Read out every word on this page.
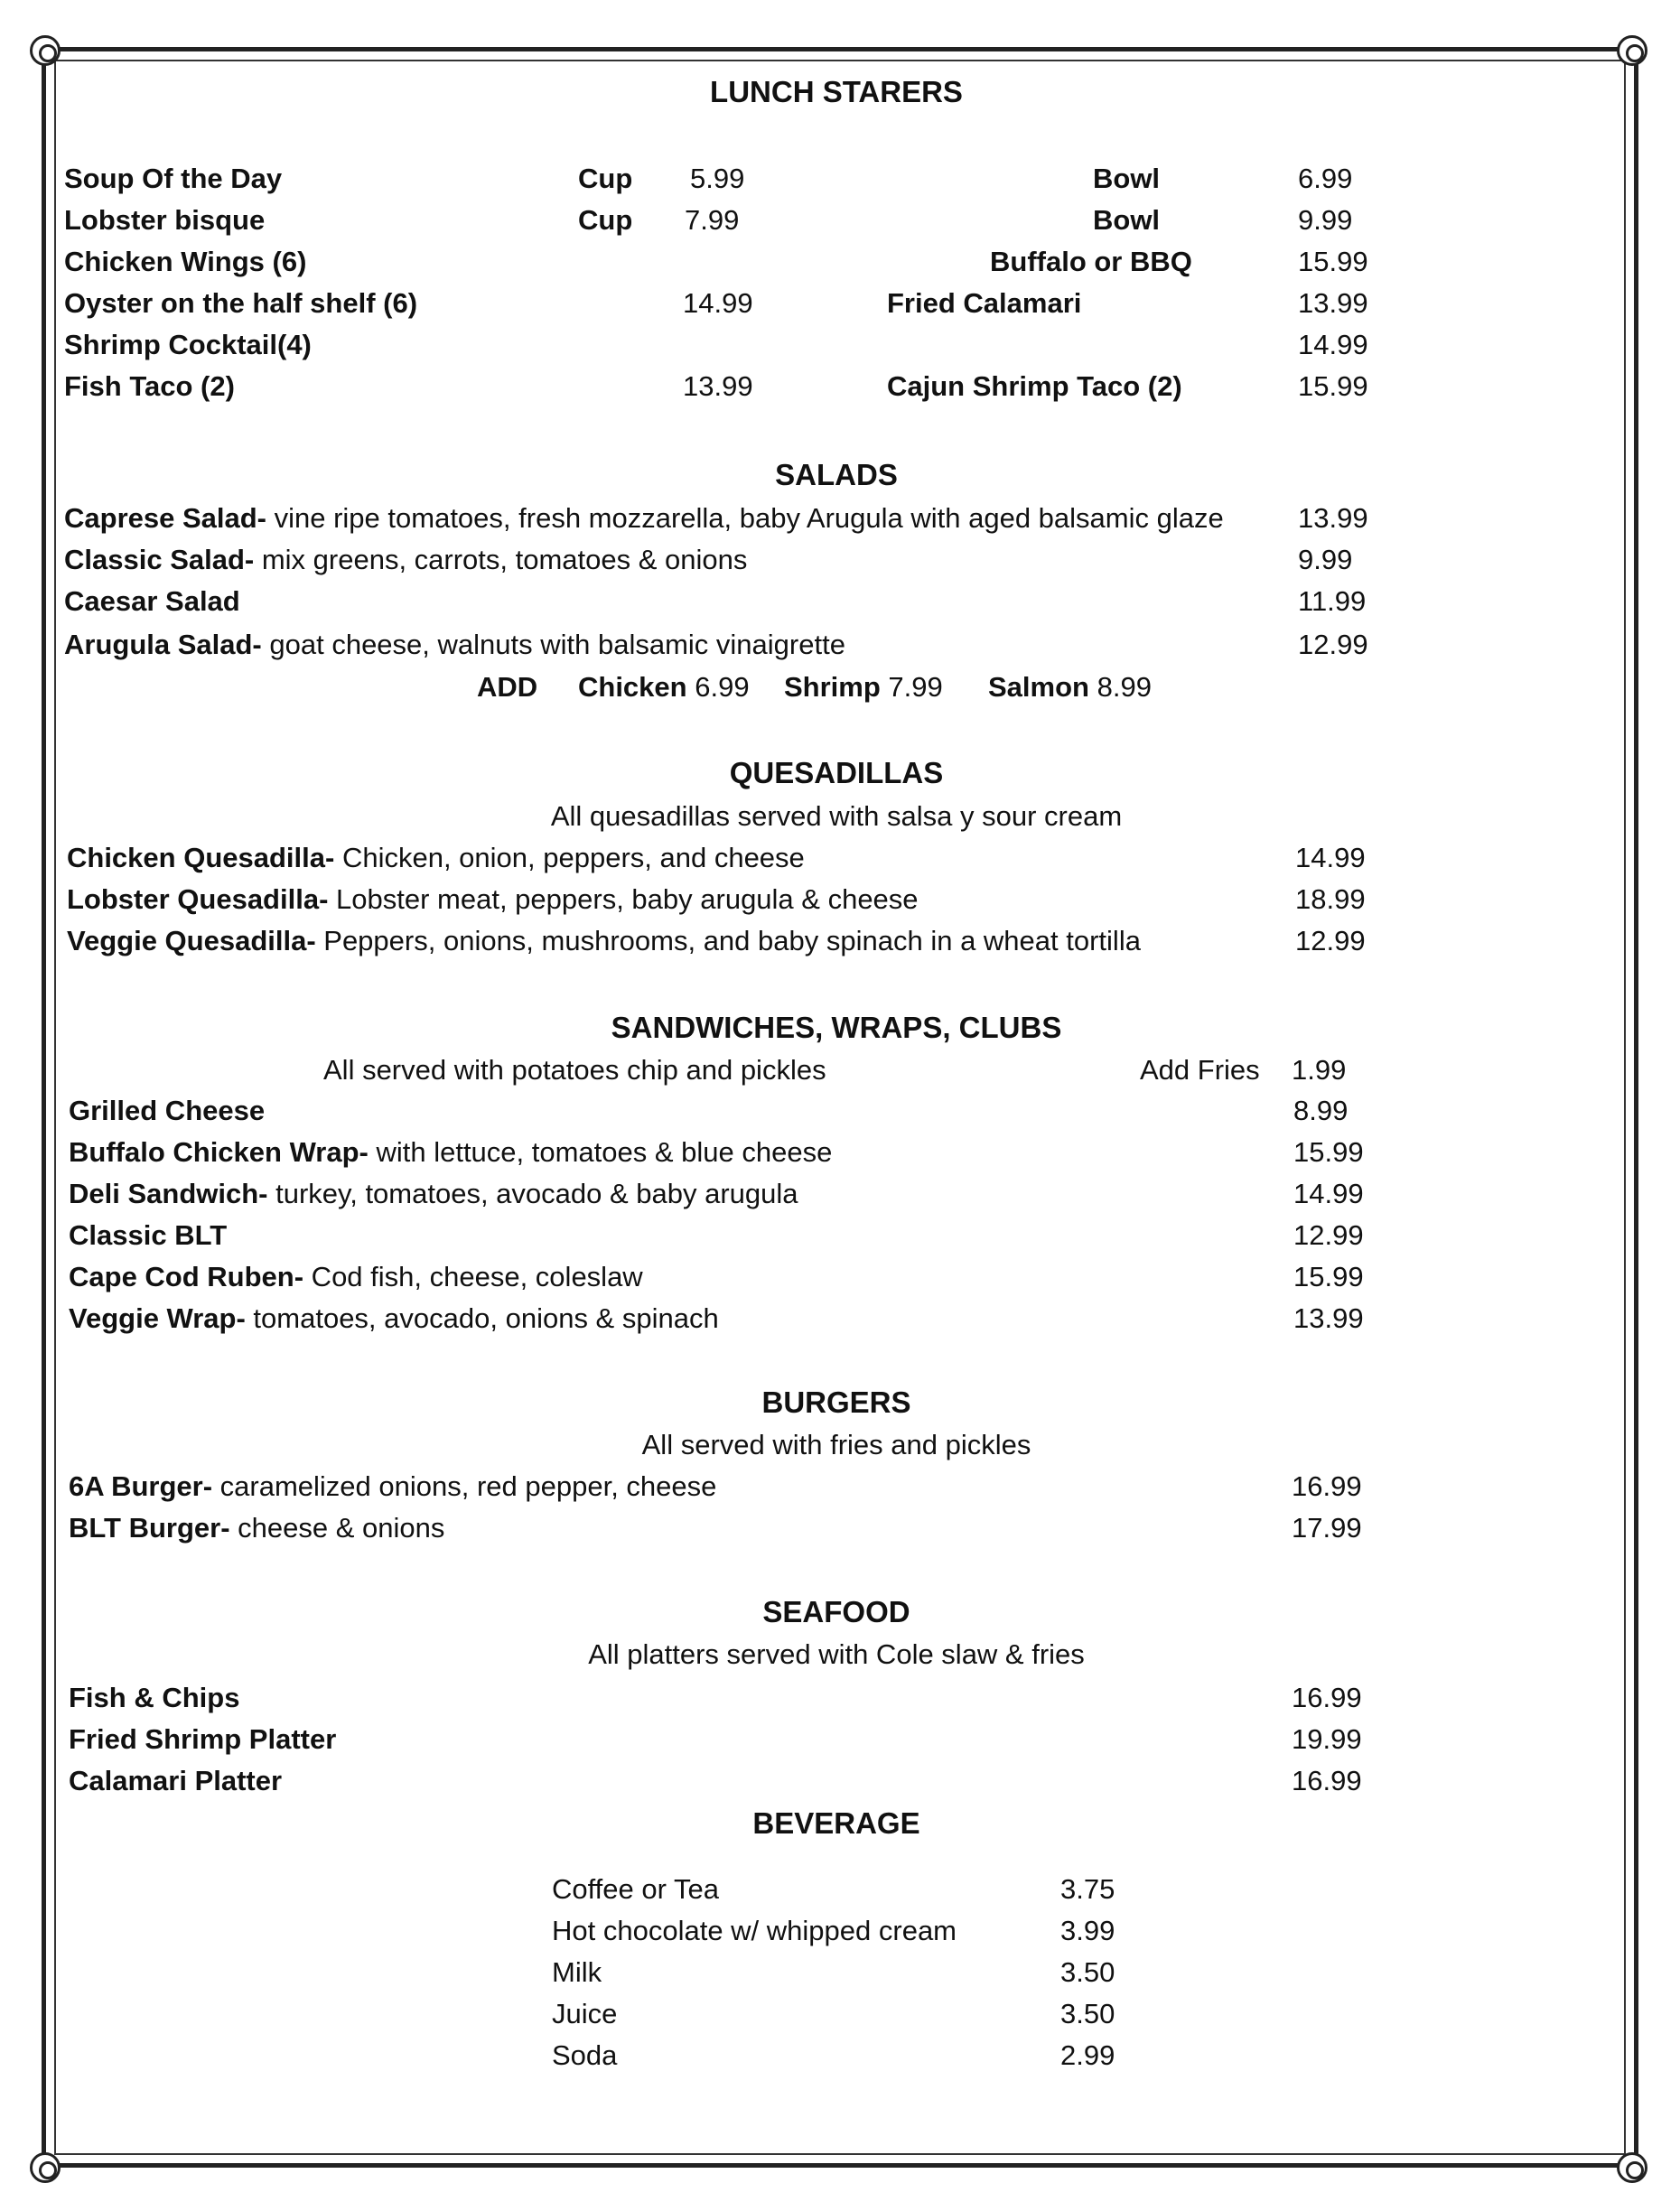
LUNCH STARERS
Soup Of the Day	Cup 5.99	Bowl	6.99
Lobster bisque	Cup 7.99	Bowl	9.99
Chicken Wings (6)	Buffalo or BBQ	15.99
Oyster on the half shelf (6)	14.99	Fried Calamari	13.99
Shrimp Cocktail(4)	14.99
Fish Taco (2)	13.99	Cajun Shrimp Taco (2)	15.99
SALADS
Caprese Salad- vine ripe tomatoes, fresh mozzarella, baby Arugula with aged balsamic glaze	13.99
Classic Salad- mix greens, carrots, tomatoes & onions	9.99
Caesar Salad	11.99
Arugula Salad- goat cheese, walnuts with balsamic vinaigrette	12.99
ADD Chicken 6.99 Shrimp 7.99 Salmon 8.99
QUESADILLAS
All quesadillas served with salsa y sour cream
Chicken Quesadilla- Chicken, onion, peppers, and cheese	14.99
Lobster Quesadilla- Lobster meat, peppers, baby arugula & cheese	18.99
Veggie Quesadilla- Peppers, onions, mushrooms, and baby spinach in a wheat tortilla	12.99
SANDWICHES, WRAPS, CLUBS
All served with potatoes chip and pickles	Add Fries 1.99
Grilled Cheese	8.99
Buffalo Chicken Wrap- with lettuce, tomatoes & blue cheese	15.99
Deli Sandwich- turkey, tomatoes, avocado & baby arugula	14.99
Classic BLT	12.99
Cape Cod Ruben- Cod fish, cheese, coleslaw	15.99
Veggie Wrap- tomatoes, avocado, onions & spinach	13.99
BURGERS
All served with fries and pickles
6A Burger- caramelized onions, red pepper, cheese	16.99
BLT Burger- cheese & onions	17.99
SEAFOOD
All platters served with Cole slaw & fries
Fish & Chips	16.99
Fried Shrimp Platter	19.99
Calamari Platter	16.99
BEVERAGE
Coffee or Tea	3.75
Hot chocolate w/ whipped cream	3.99
Milk	3.50
Juice	3.50
Soda	2.99
